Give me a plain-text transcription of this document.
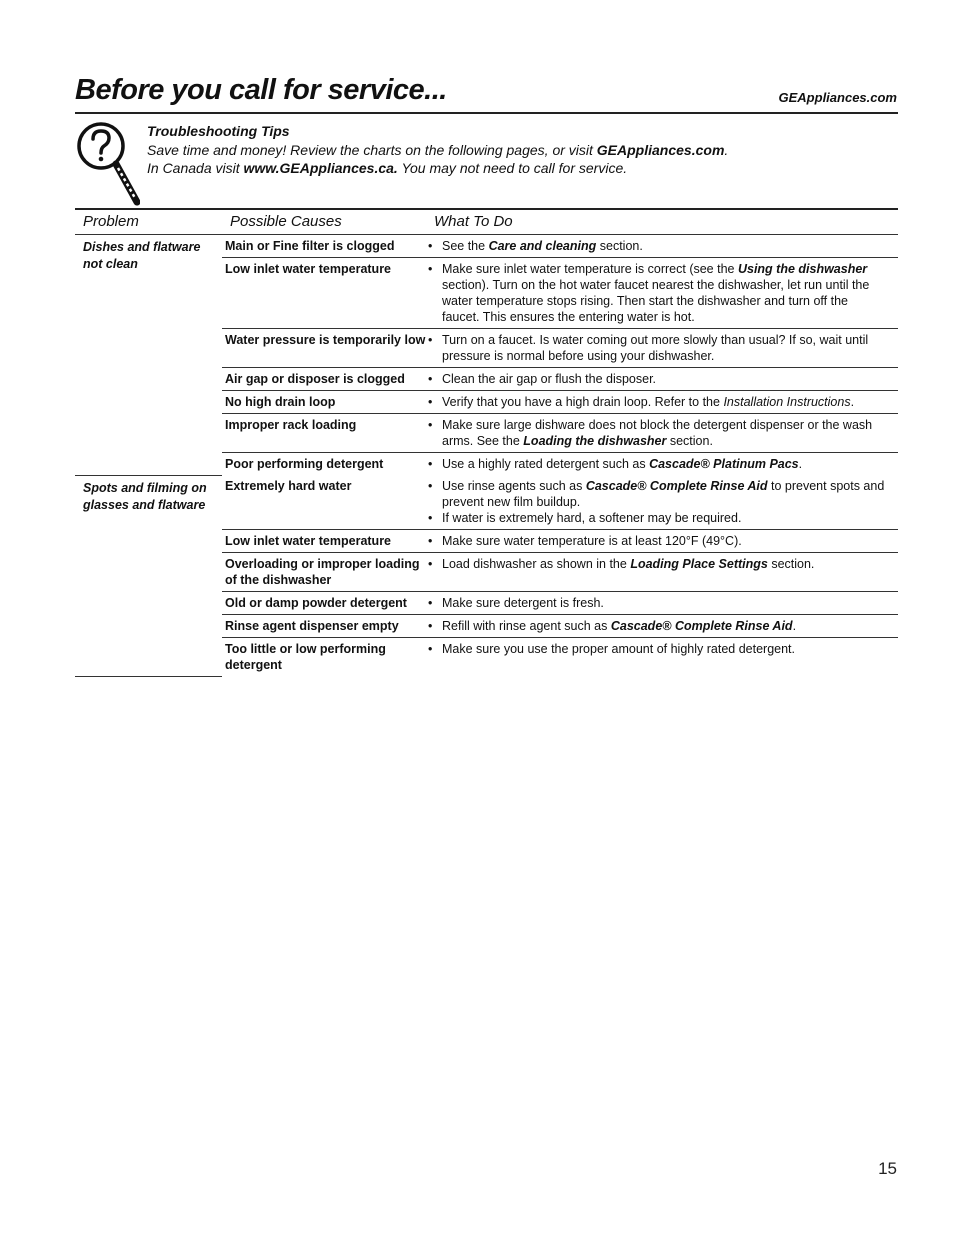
Before you call for service...	GEAppliances.com
Troubleshooting Tips
Save time and money! Review the charts on the following pages, or visit GEAppliances.com.
In Canada visit www.GEAppliances.ca. You may not need to call for service.
Problem	Possible Causes	What To Do
Dishes and flatware not clean	Main or Fine filter is clogged	• See the Care and cleaning section.

	Low inlet water temperature	• Make sure inlet water temperature is correct (see the Using the dishwasher section). Turn on the hot water faucet nearest the dishwasher, let run until the water temperature stops rising. Then start the dishwasher and turn off the faucet. This ensures the entering water is hot.

	Water pressure is temporarily low	• Turn on a faucet. Is water coming out more slowly than usual? If so, wait until pressure is normal before using your dishwasher.

	Air gap or disposer is clogged	• Clean the air gap or flush the disposer.

	No high drain loop	• Verify that you have a high drain loop. Refer to the Installation Instructions.

	Improper rack loading	• Make sure large dishware does not block the detergent dispenser or the wash arms. See the Loading the dishwasher section.

	Poor performing detergent	• Use a highly rated detergent such as Cascade® Platinum Pacs.

Spots and filming on glasses and flatware	Extremely hard water	• Use rinse agents such as Cascade® Complete Rinse Aid to prevent spots and prevent new film buildup.
• If water is extremely hard, a softener may be required.

	Low inlet water temperature	• Make sure water temperature is at least 120°F (49°C).

	Overloading or improper loading of the dishwasher	• Load dishwasher as shown in the Loading Place Settings section.

	Old or damp powder detergent	• Make sure detergent is fresh.

	Rinse agent dispenser empty	• Refill with rinse agent such as Cascade® Complete Rinse Aid.

	Too little or low performing detergent	• Make sure you use the proper amount of highly rated detergent.
15
